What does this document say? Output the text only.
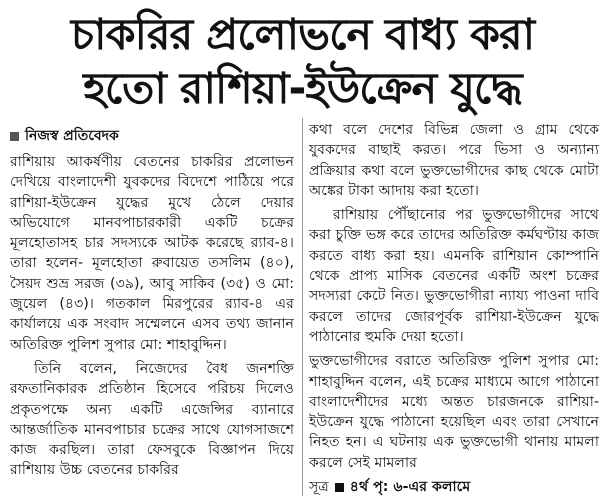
চাকরির প্রলোভনে বাধ্য করা
হতো রাশিয়া-ইউক্রেন যুদ্ধে
নিজস্ব প্রতিবেদক

রাশিয়ায় আকর্ষণীয় বেতনের চাকরির প্রলোভন দেখিয়ে বাংলাদেশী যুবকদের বিদেশে পাঠিয়ে পরে রাশিয়া-ইউক্রেন যুদ্ধের মুখে ঠেলে দেয়ার অভিযোগে মানবপাচারকারী একটি চক্রের মূলহোতাসহ চার সদস্যকে আটক করেছে র‍্যাব-৪। তারা হলেন- মূলহোতা রুবায়েত তসলিম (৪০), সৈয়দ শুভ্র সরজ (৩৯), আবু সাকিব (৩৫) ও মো: জুয়েল (৪৩)। গতকাল মিরপুরের র‍্যাব-৪ এর কার্যালয়ে এক সংবাদ সম্মেলনে এসব তথ্য জানান অতিরিক্ত পুলিশ সুপার মো: শাহাবুদ্দিন।

তিনি বলেন, নিজেদের বৈধ জনশক্তি রফতানিকারক প্রতিষ্ঠান হিসেবে পরিচয় দিলেও প্রকৃতপক্ষে অন্য একটি এজেন্সির ব্যানারে আন্তর্জাতিক মানবপাচার চক্রের সাথে যোগসাজশে কাজ করছিল। তারা ফেসবুকে বিজ্ঞাপন দিয়ে রাশিয়ায় উচ্চ বেতনের চাকরির

কথা বলে দেশের বিভিন্ন জেলা ও গ্রাম থেকে যুবকদের বাছাই করত। পরে ভিসা ও অন্যান্য প্রক্রিয়ার কথা বলে ভুক্তভোগীদের কাছ থেকে মোটা অঙ্কের টাকা আদায় করা হতো।

রাশিয়ায় পৌঁছানোর পর ভুক্তভোগীদের সাথে করা চুক্তি ভঙ্গ করে তাদের অতিরিক্ত কর্মঘণ্টায় কাজ করতে বাধ্য করা হয়। এমনকি রাশিয়ান কোম্পানি থেকে প্রাপ্য মাসিক বেতনের একটি অংশ চক্রের সদস্যরা কেটে নিত। ভুক্তভোগীরা ন্যায্য পাওনা দাবি করলে তাদের জোরপূর্বক রাশিয়া-ইউক্রেন যুদ্ধে পাঠানোর হুমকি দেয়া হতো।

ভুক্তভোগীদের বরাতে অতিরিক্ত পুলিশ সুপার মো: শাহাবুদ্দিন বলেন, এই চক্রের মাধ্যমে আগে পাঠানো বাংলাদেশীদের মধ্যে অন্তত চারজনকে রাশিয়া-ইউক্রেন যুদ্ধে পাঠানো হয়েছিল এবং তারা সেখানে নিহত হন। এ ঘটনায় এক ভুক্তভোগী থানায় মামলা করলে সেই মামলার

সূত্র ৪র্থ পৃ: ৬-এর কলামে
